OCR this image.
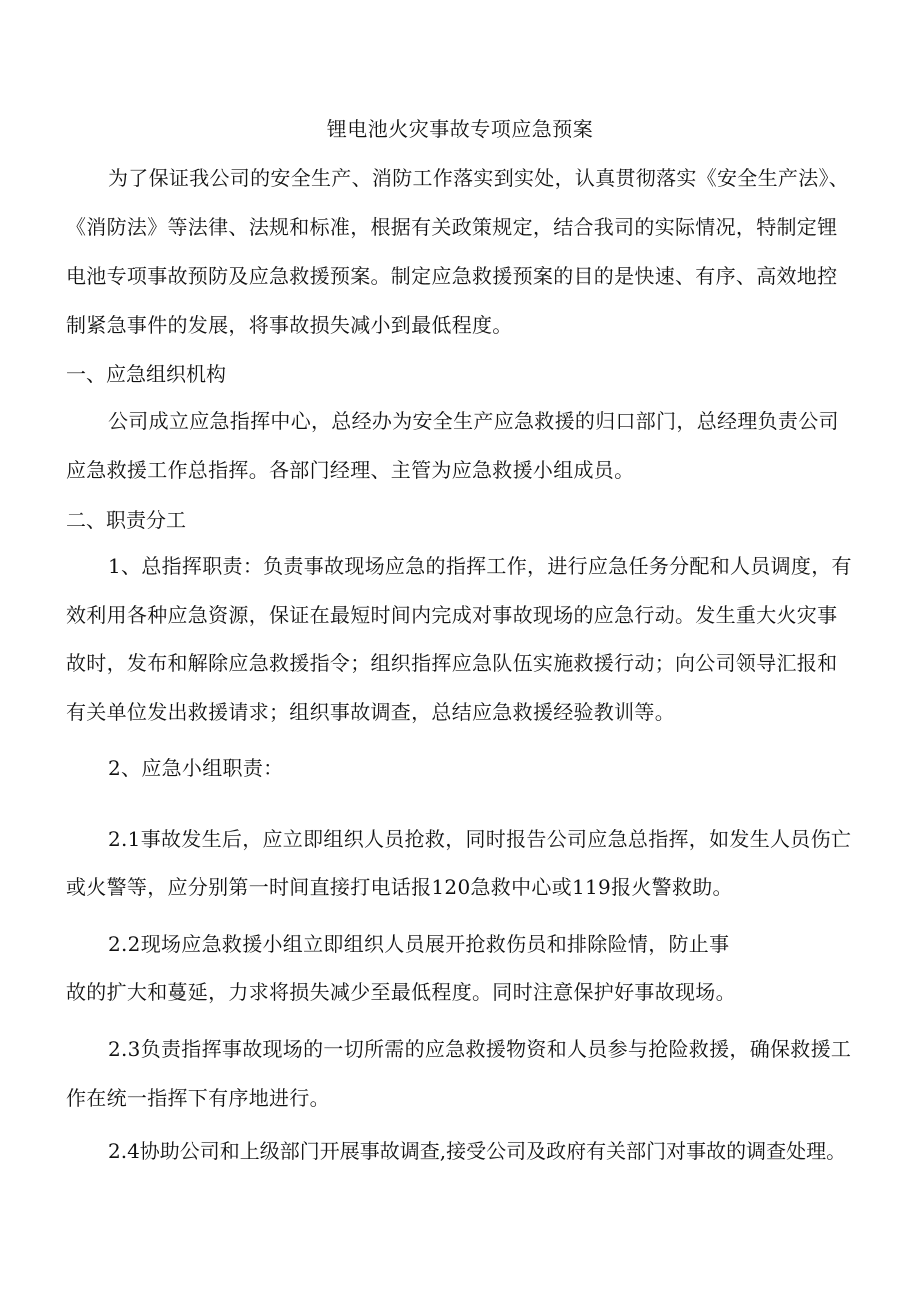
锂电池火灾事故专项应急预案
为了保证我公司的安全生产、消防工作落实到实处，认真贯彻落实《安全生产法》、
《消防法》等法律、法规和标准，根据有关政策规定，结合我司的实际情况，特制定锂
电池专项事故预防及应急救援预案。制定应急救援预案的目的是快速、有序、高效地控
制紧急事件的发展，将事故损失减小到最低程度。
一、应急组织机构
公司成立应急指挥中心，总经办为安全生产应急救援的归口部门，总经理负责公司
应急救援工作总指挥。各部门经理、主管为应急救援小组成员。
二、职责分工
1、总指挥职责：负责事故现场应急的指挥工作，进行应急任务分配和人员调度，有
效利用各种应急资源，保证在最短时间内完成对事故现场的应急行动。发生重大火灾事
故时，发布和解除应急救援指令；组织指挥应急队伍实施救援行动；向公司领导汇报和
有关单位发出救援请求；组织事故调查，总结应急救援经验教训等。
2、应急小组职责：
2.1事故发生后，应立即组织人员抢救，同时报告公司应急总指挥，如发生人员伤亡
或火警等，应分别第一时间直接打电话报120急救中心或119报火警救助。
2.2现场应急救援小组立即组织人员展开抢救伤员和排除险情，防止事
故的扩大和蔓延，力求将损失减少至最低程度。同时注意保护好事故现场。
2.3负责指挥事故现场的一切所需的应急救援物资和人员参与抢险救援，确保救援工
作在统一指挥下有序地进行。
2.4协助公司和上级部门开展事故调查,接受公司及政府有关部门对事故的调查处理。
